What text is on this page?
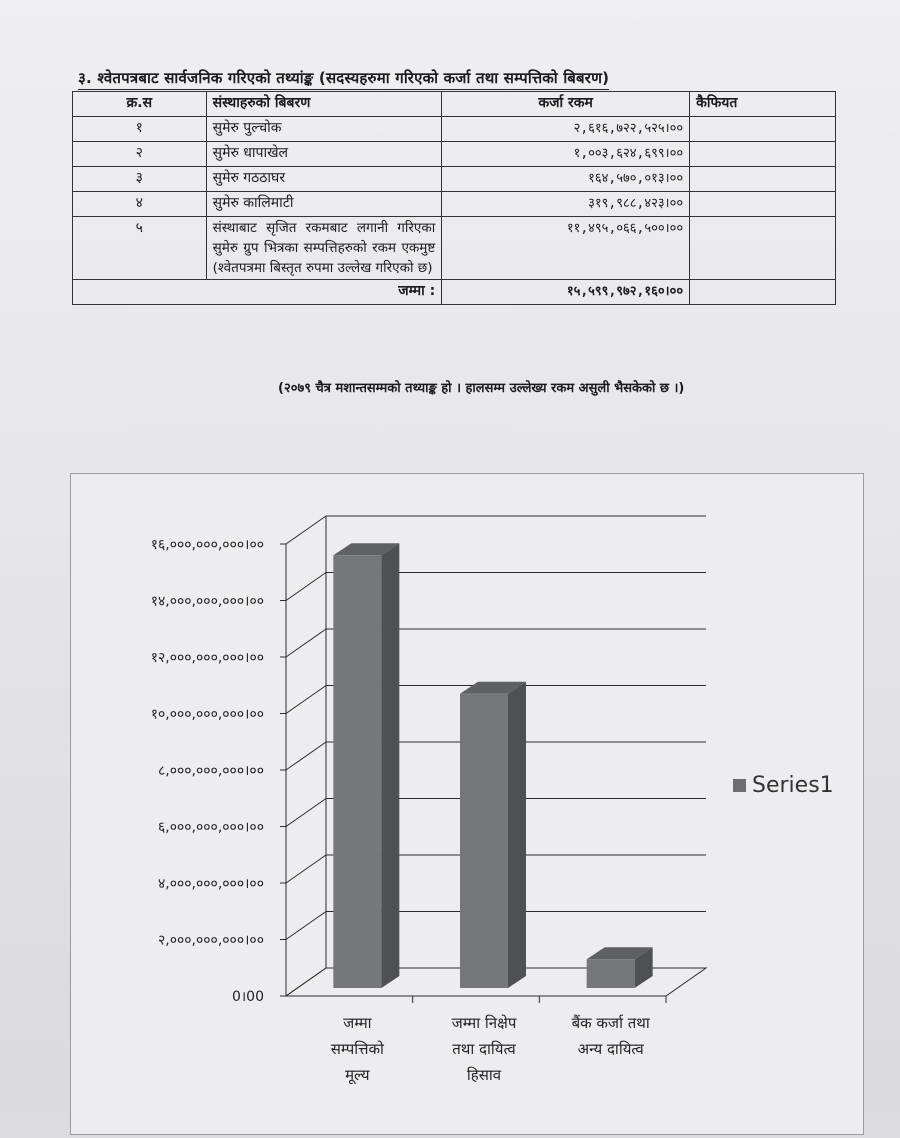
३. श्वेतपत्रबाट सार्वजनिक गरिएको तथ्यांङ्क (सदस्यहरुमा गरिएको कर्जा तथा सम्पत्तिको बिबरण)
क्र.स	संस्थाहरुको बिबरण	कर्जा रकम	कैफियत
१	सुमेरु पुल्चोक	२,६१६,७२२,५२५।००	
२	सुमेरु धापाखेल	१,००३,६२४,६९९।००	
३	सुमेरु गठठाघर	१६४,५७०,०१३।००	
४	सुमेरु कालिमाटी	३१९,९८८,४२३।००	
५	संस्थाबाट सृजित रकमबाट लगानी गरिएका सुमेरु ग्रुप भित्रका सम्पत्तिहरुको रकम एकमुष्ट (श्वेतपत्रमा बिस्तृत रुपमा उल्लेख गरिएको छ)	११,४९५,०६६,५००।००	
जम्मा :		१५,५९९,९७२,१६०।००	
(२०७९ चैत्र मशान्तसम्मको तथ्याङ्क हो । हालसम्म उल्लेख्य रकम असुली भैसकेको छ ।)
0।00
२,०००,०००,०००।००
४,०००,०००,०००।००
६,०००,०००,०००।००
८,०००,०००,०००।००
१०,०००,०००,०००।००
१२,०००,०००,०००।००
१४,०००,०००,०००।००
१६,०००,०००,०००।००
जम्मा
सम्पत्तिको
मूल्य
जम्मा निक्षेप
तथा दायित्व
हिसाव
बैंक कर्जा तथा
अन्य दायित्व
Series1
